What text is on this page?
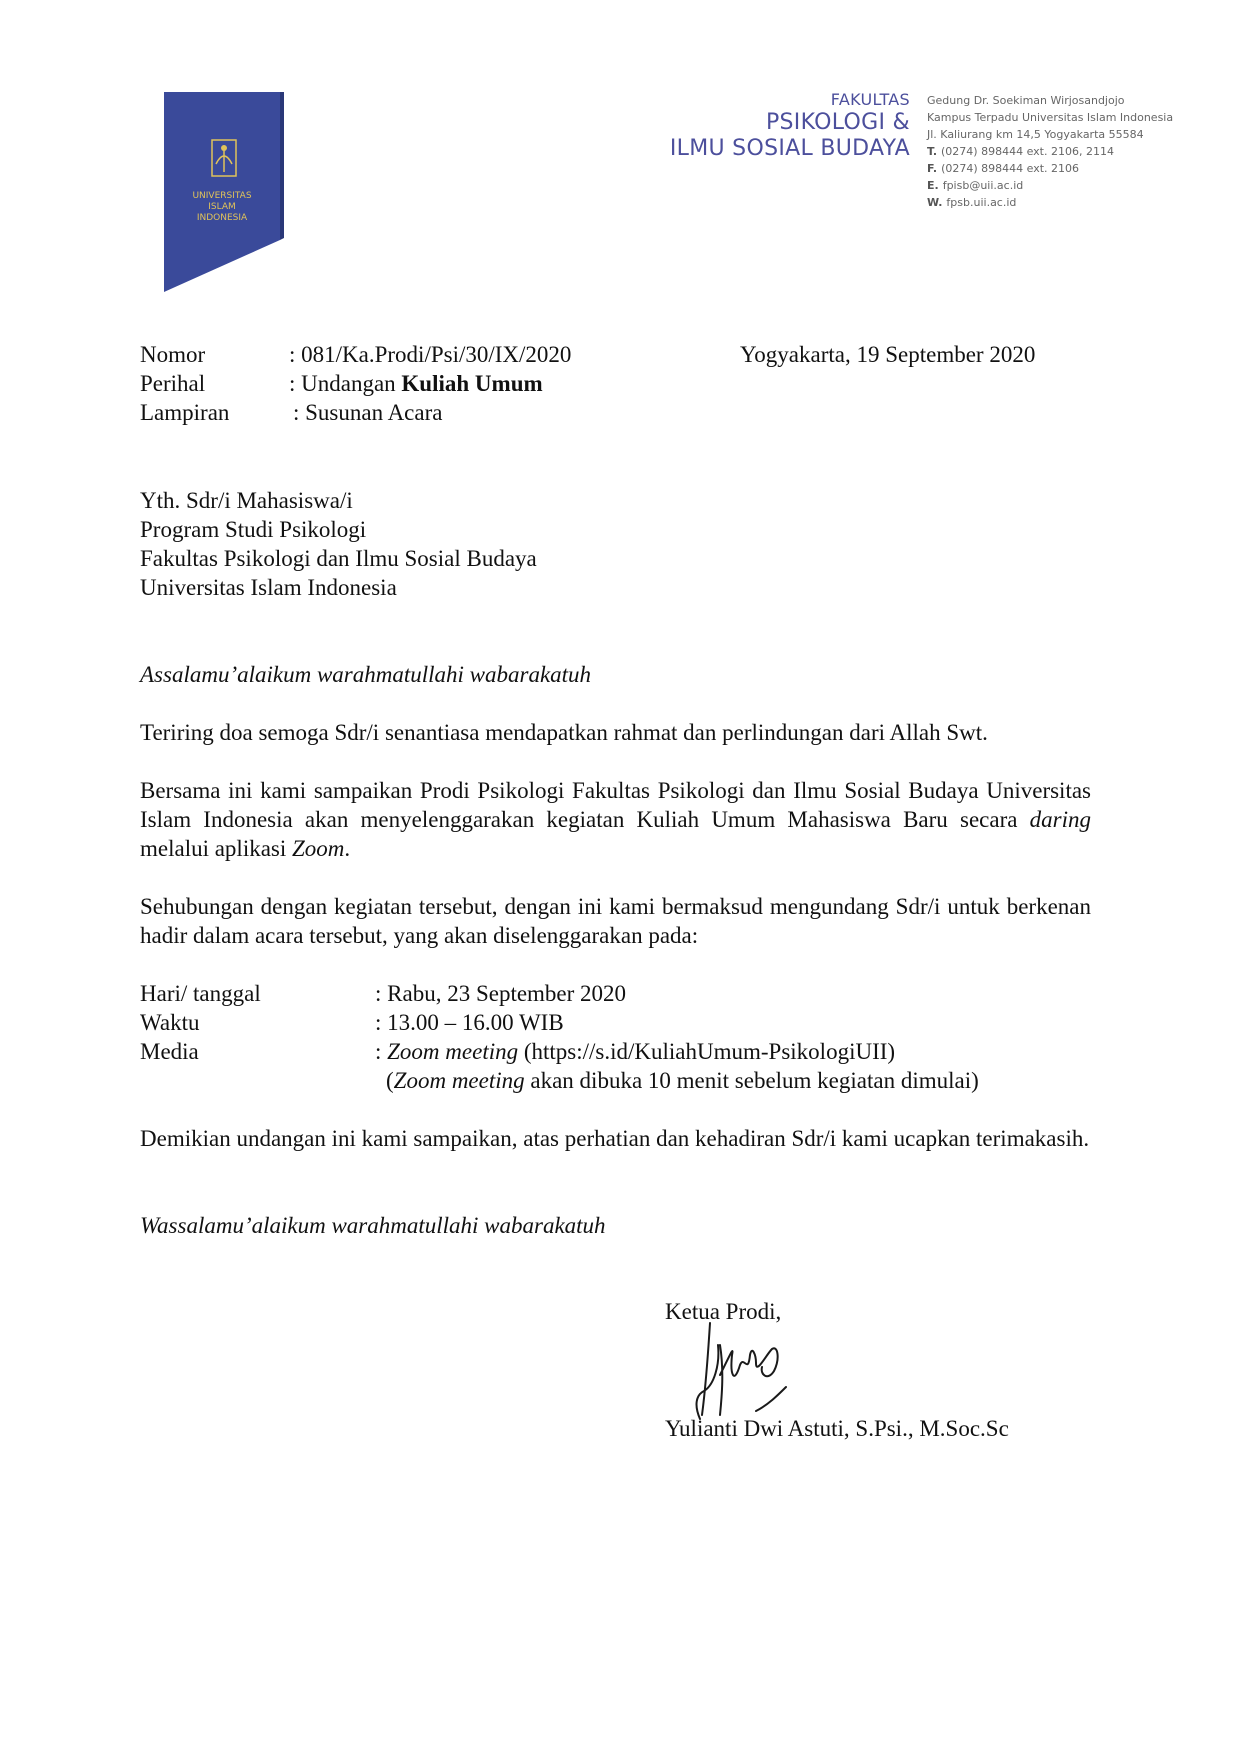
UNIVERSITAS
ISLAM
INDONESIA
FAKULTAS
PSIKOLOGI &
ILMU SOSIAL BUDAYA
Gedung Dr. Soekiman Wirjosandjojo
Kampus Terpadu Universitas Islam Indonesia
Jl. Kaliurang km 14,5 Yogyakarta 55584
T. (0274) 898444 ext. 2106, 2114
F. (0274) 898444 ext. 2106
E. fpisb@uii.ac.id
W. fpsb.uii.ac.id
Nomor	: 081/Ka.Prodi/Psi/30/IX/2020	Yogyakarta, 19 September 2020
Perihal	: Undangan Kuliah Umum
Lampiran	: Susunan Acara
Yth. Sdr/i Mahasiswa/i
Program Studi Psikologi
Fakultas Psikologi dan Ilmu Sosial Budaya
Universitas Islam Indonesia
Assalamu’alaikum warahmatullahi wabarakatuh
Teriring doa semoga Sdr/i senantiasa mendapatkan rahmat dan perlindungan dari Allah Swt.
Bersama ini kami sampaikan Prodi Psikologi Fakultas Psikologi dan Ilmu Sosial Budaya Universitas Islam Indonesia akan menyelenggarakan kegiatan Kuliah Umum Mahasiswa Baru secara daring melalui aplikasi Zoom.
Sehubungan dengan kegiatan tersebut, dengan ini kami bermaksud mengundang Sdr/i untuk berkenan hadir dalam acara tersebut, yang akan diselenggarakan pada:
Hari/ tanggal	: Rabu, 23 September 2020
Waktu	: 13.00 – 16.00 WIB
Media	: Zoom meeting (https://s.id/KuliahUmum-PsikologiUII)
(Zoom meeting akan dibuka 10 menit sebelum kegiatan dimulai)
Demikian undangan ini kami sampaikan, atas perhatian dan kehadiran Sdr/i kami ucapkan terimakasih.
Wassalamu’alaikum warahmatullahi wabarakatuh
Ketua Prodi,
Yulianti Dwi Astuti, S.Psi., M.Soc.Sc
